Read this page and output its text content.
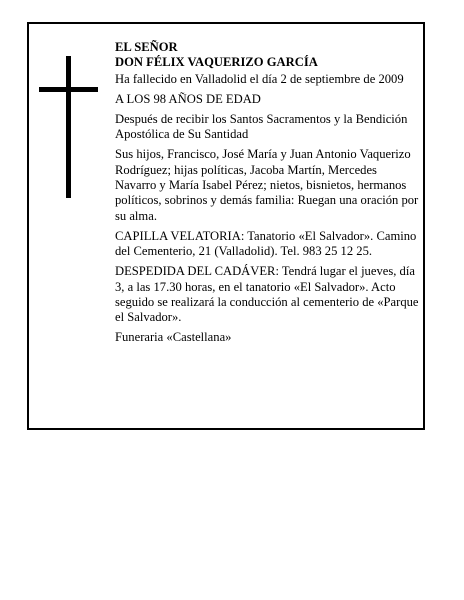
EL SEÑOR

DON FÉLIX VAQUERIZO GARCÍA

Ha fallecido en Valladolid el día 2 de septiembre de 2009

A LOS 98 AÑOS DE EDAD

Después de recibir los Santos Sacramentos y la Bendición Apostólica de Su Santidad

Sus hijos, Francisco, José María y Juan Antonio Vaquerizo Rodríguez; hijas políticas, Jacoba Martín, Mercedes Navarro y María Isabel Pérez; nietos, bisnietos, hermanos políticos, sobrinos y demás familia: Ruegan una oración por su alma.

CAPILLA VELATORIA: Tanatorio «El Salvador». Camino del Cementerio, 21 (Valladolid). Tel. 983 25 12 25.

DESPEDIDA DEL CADÁVER: Tendrá lugar el jueves, día 3, a las 17.30 horas, en el tanatorio «El Salvador». Acto seguido se realizará la conducción al cementerio de «Parque el Salvador».

Funeraria «Castellana»
